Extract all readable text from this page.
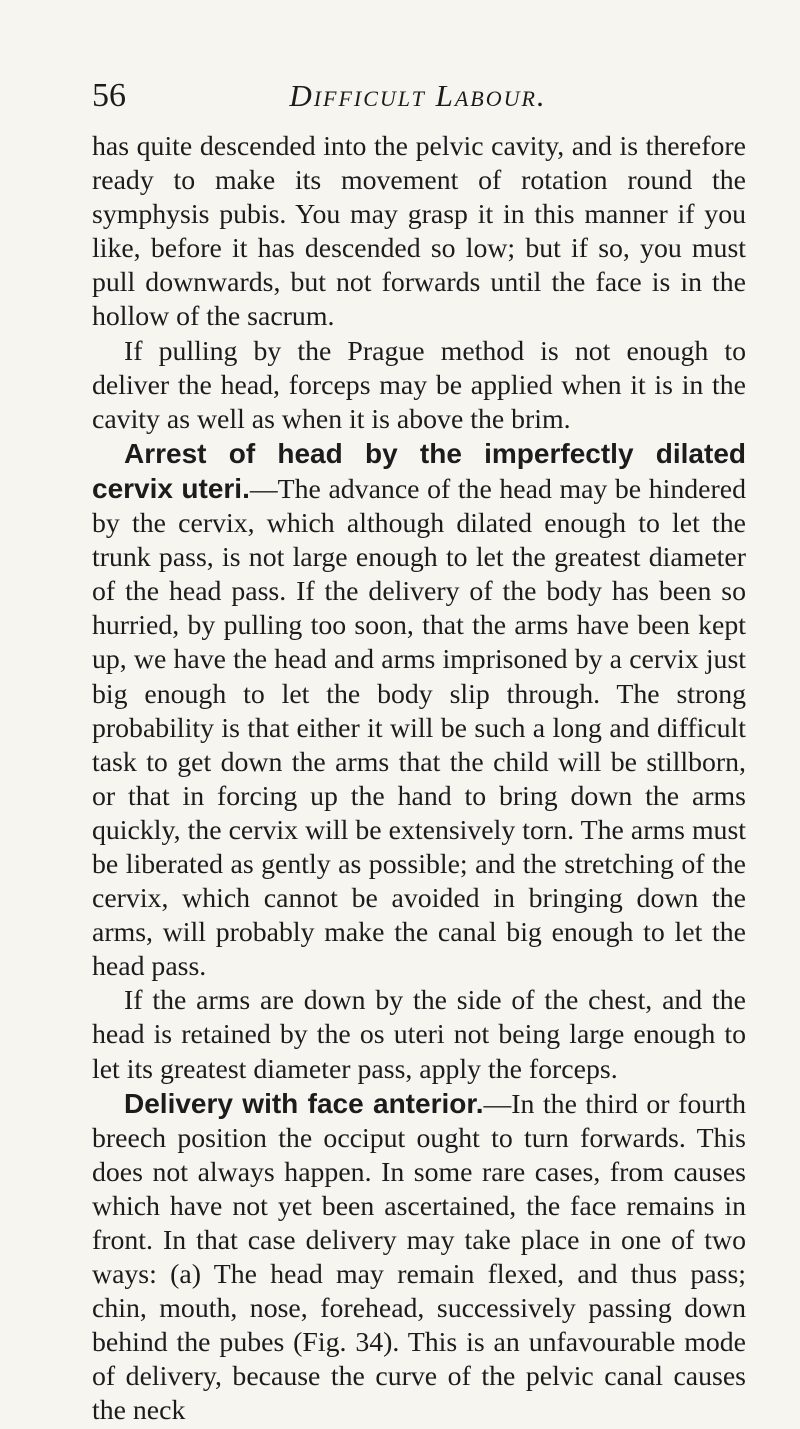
56	Difficult Labour.

has quite descended into the pelvic cavity, and is therefore ready to make its movement of rotation round the symphysis pubis. You may grasp it in this manner if you like, before it has descended so low; but if so, you must pull downwards, but not forwards until the face is in the hollow of the sacrum.

If pulling by the Prague method is not enough to deliver the head, forceps may be applied when it is in the cavity as well as when it is above the brim.

Arrest of head by the imperfectly dilated cervix uteri.—The advance of the head may be hindered by the cervix, which although dilated enough to let the trunk pass, is not large enough to let the greatest diameter of the head pass. If the delivery of the body has been so hurried, by pulling too soon, that the arms have been kept up, we have the head and arms imprisoned by a cervix just big enough to let the body slip through. The strong probability is that either it will be such a long and difficult task to get down the arms that the child will be stillborn, or that in forcing up the hand to bring down the arms quickly, the cervix will be extensively torn. The arms must be liberated as gently as possible; and the stretching of the cervix, which cannot be avoided in bringing down the arms, will probably make the canal big enough to let the head pass.

If the arms are down by the side of the chest, and the head is retained by the os uteri not being large enough to let its greatest diameter pass, apply the forceps.

Delivery with face anterior.—In the third or fourth breech position the occiput ought to turn forwards. This does not always happen. In some rare cases, from causes which have not yet been ascertained, the face remains in front. In that case delivery may take place in one of two ways: (a) The head may remain flexed, and thus pass; chin, mouth, nose, forehead, successively passing down behind the pubes (Fig. 34). This is an unfavourable mode of delivery, because the curve of the pelvic canal causes the neck
